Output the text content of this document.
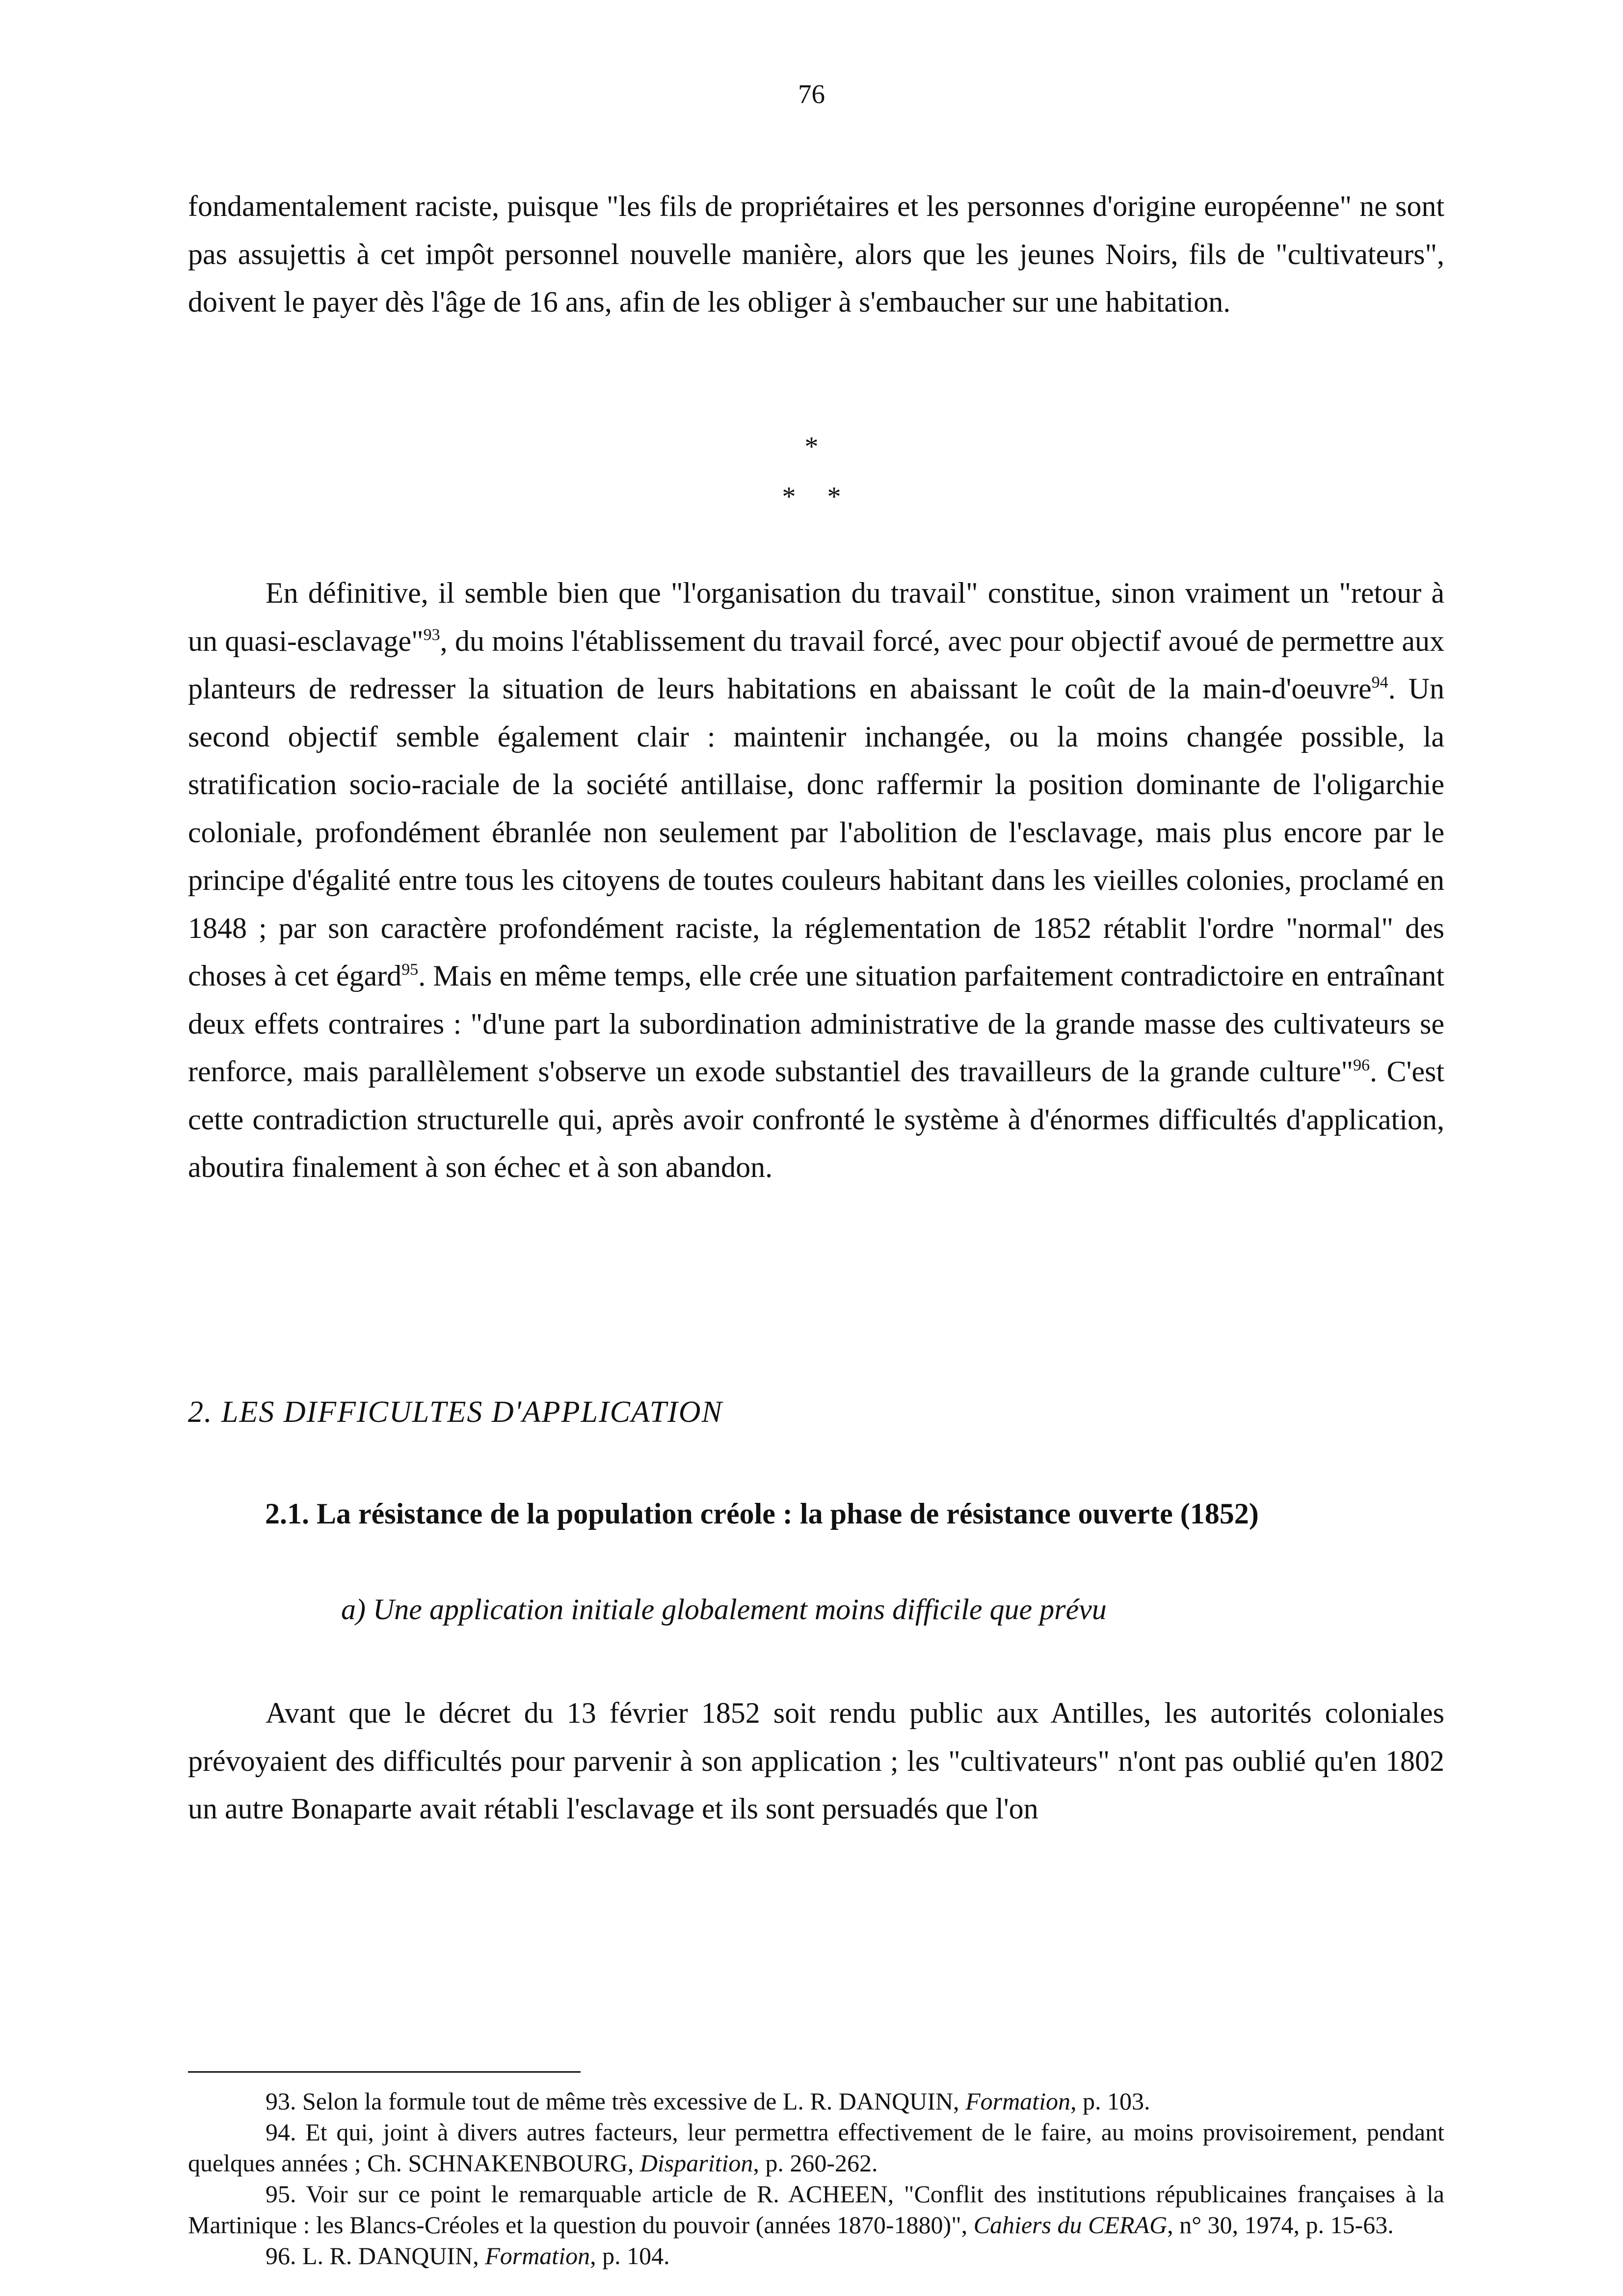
76

fondamentalement raciste, puisque "les fils de propriétaires et les personnes d'origine européenne" ne sont pas assujettis à cet impôt personnel nouvelle manière, alors que les jeunes Noirs, fils de "cultivateurs", doivent le payer dès l'âge de 16 ans, afin de les obliger à s'embaucher sur une habitation.

*
* *

En définitive, il semble bien que "l'organisation du travail" constitue, sinon vraiment un "retour à un quasi-esclavage"$^{93}$, du moins l'établissement du travail forcé, avec pour objectif avoué de permettre aux planteurs de redresser la situation de leurs habitations en abaissant le coût de la main-d'oeuvre$^{94}$. Un second objectif semble également clair : maintenir inchangée, ou la moins changée possible, la stratification socio-raciale de la société antillaise, donc raffermir la position dominante de l'oligarchie coloniale, profondément ébranlée non seulement par l'abolition de l'esclavage, mais plus encore par le principe d'égalité entre tous les citoyens de toutes couleurs habitant dans les vieilles colonies, proclamé en 1848 ; par son caractère profondément raciste, la réglementation de 1852 rétablit l'ordre "normal" des choses à cet égard$^{95}$. Mais en même temps, elle crée une situation parfaitement contradictoire en entraînant deux effets contraires : "d'une part la subordination administrative de la grande masse des cultivateurs se renforce, mais parallèlement s'observe un exode substantiel des travailleurs de la grande culture"$^{96}$. C'est cette contradiction structurelle qui, après avoir confronté le système à d'énormes difficultés d'application, aboutira finalement à son échec et à son abandon.

2. LES DIFFICULTES D'APPLICATION
2.1. La résistance de la population créole : la phase de résistance ouverte (1852)
a) Une application initiale globalement moins difficile que prévu

Avant que le décret du 13 février 1852 soit rendu public aux Antilles, les autorités coloniales prévoyaient des difficultés pour parvenir à son application ; les "cultivateurs" n'ont pas oublié qu'en 1802 un autre Bonaparte avait rétabli l'esclavage et ils sont persuadés que l'on

93. Selon la formule tout de même très excessive de L. R. DANQUIN, Formation, p. 103.

94. Et qui, joint à divers autres facteurs, leur permettra effectivement de le faire, au moins provisoirement, pendant quelques années ; Ch. SCHNAKENBOURG, Disparition, p. 260-262.

95. Voir sur ce point le remarquable article de R. ACHEEN, "Conflit des institutions républicaines françaises à la Martinique : les Blancs-Créoles et la question du pouvoir (années 1870-1880)", Cahiers du CERAG, n° 30, 1974, p. 15-63.

96. L. R. DANQUIN, Formation, p. 104.
